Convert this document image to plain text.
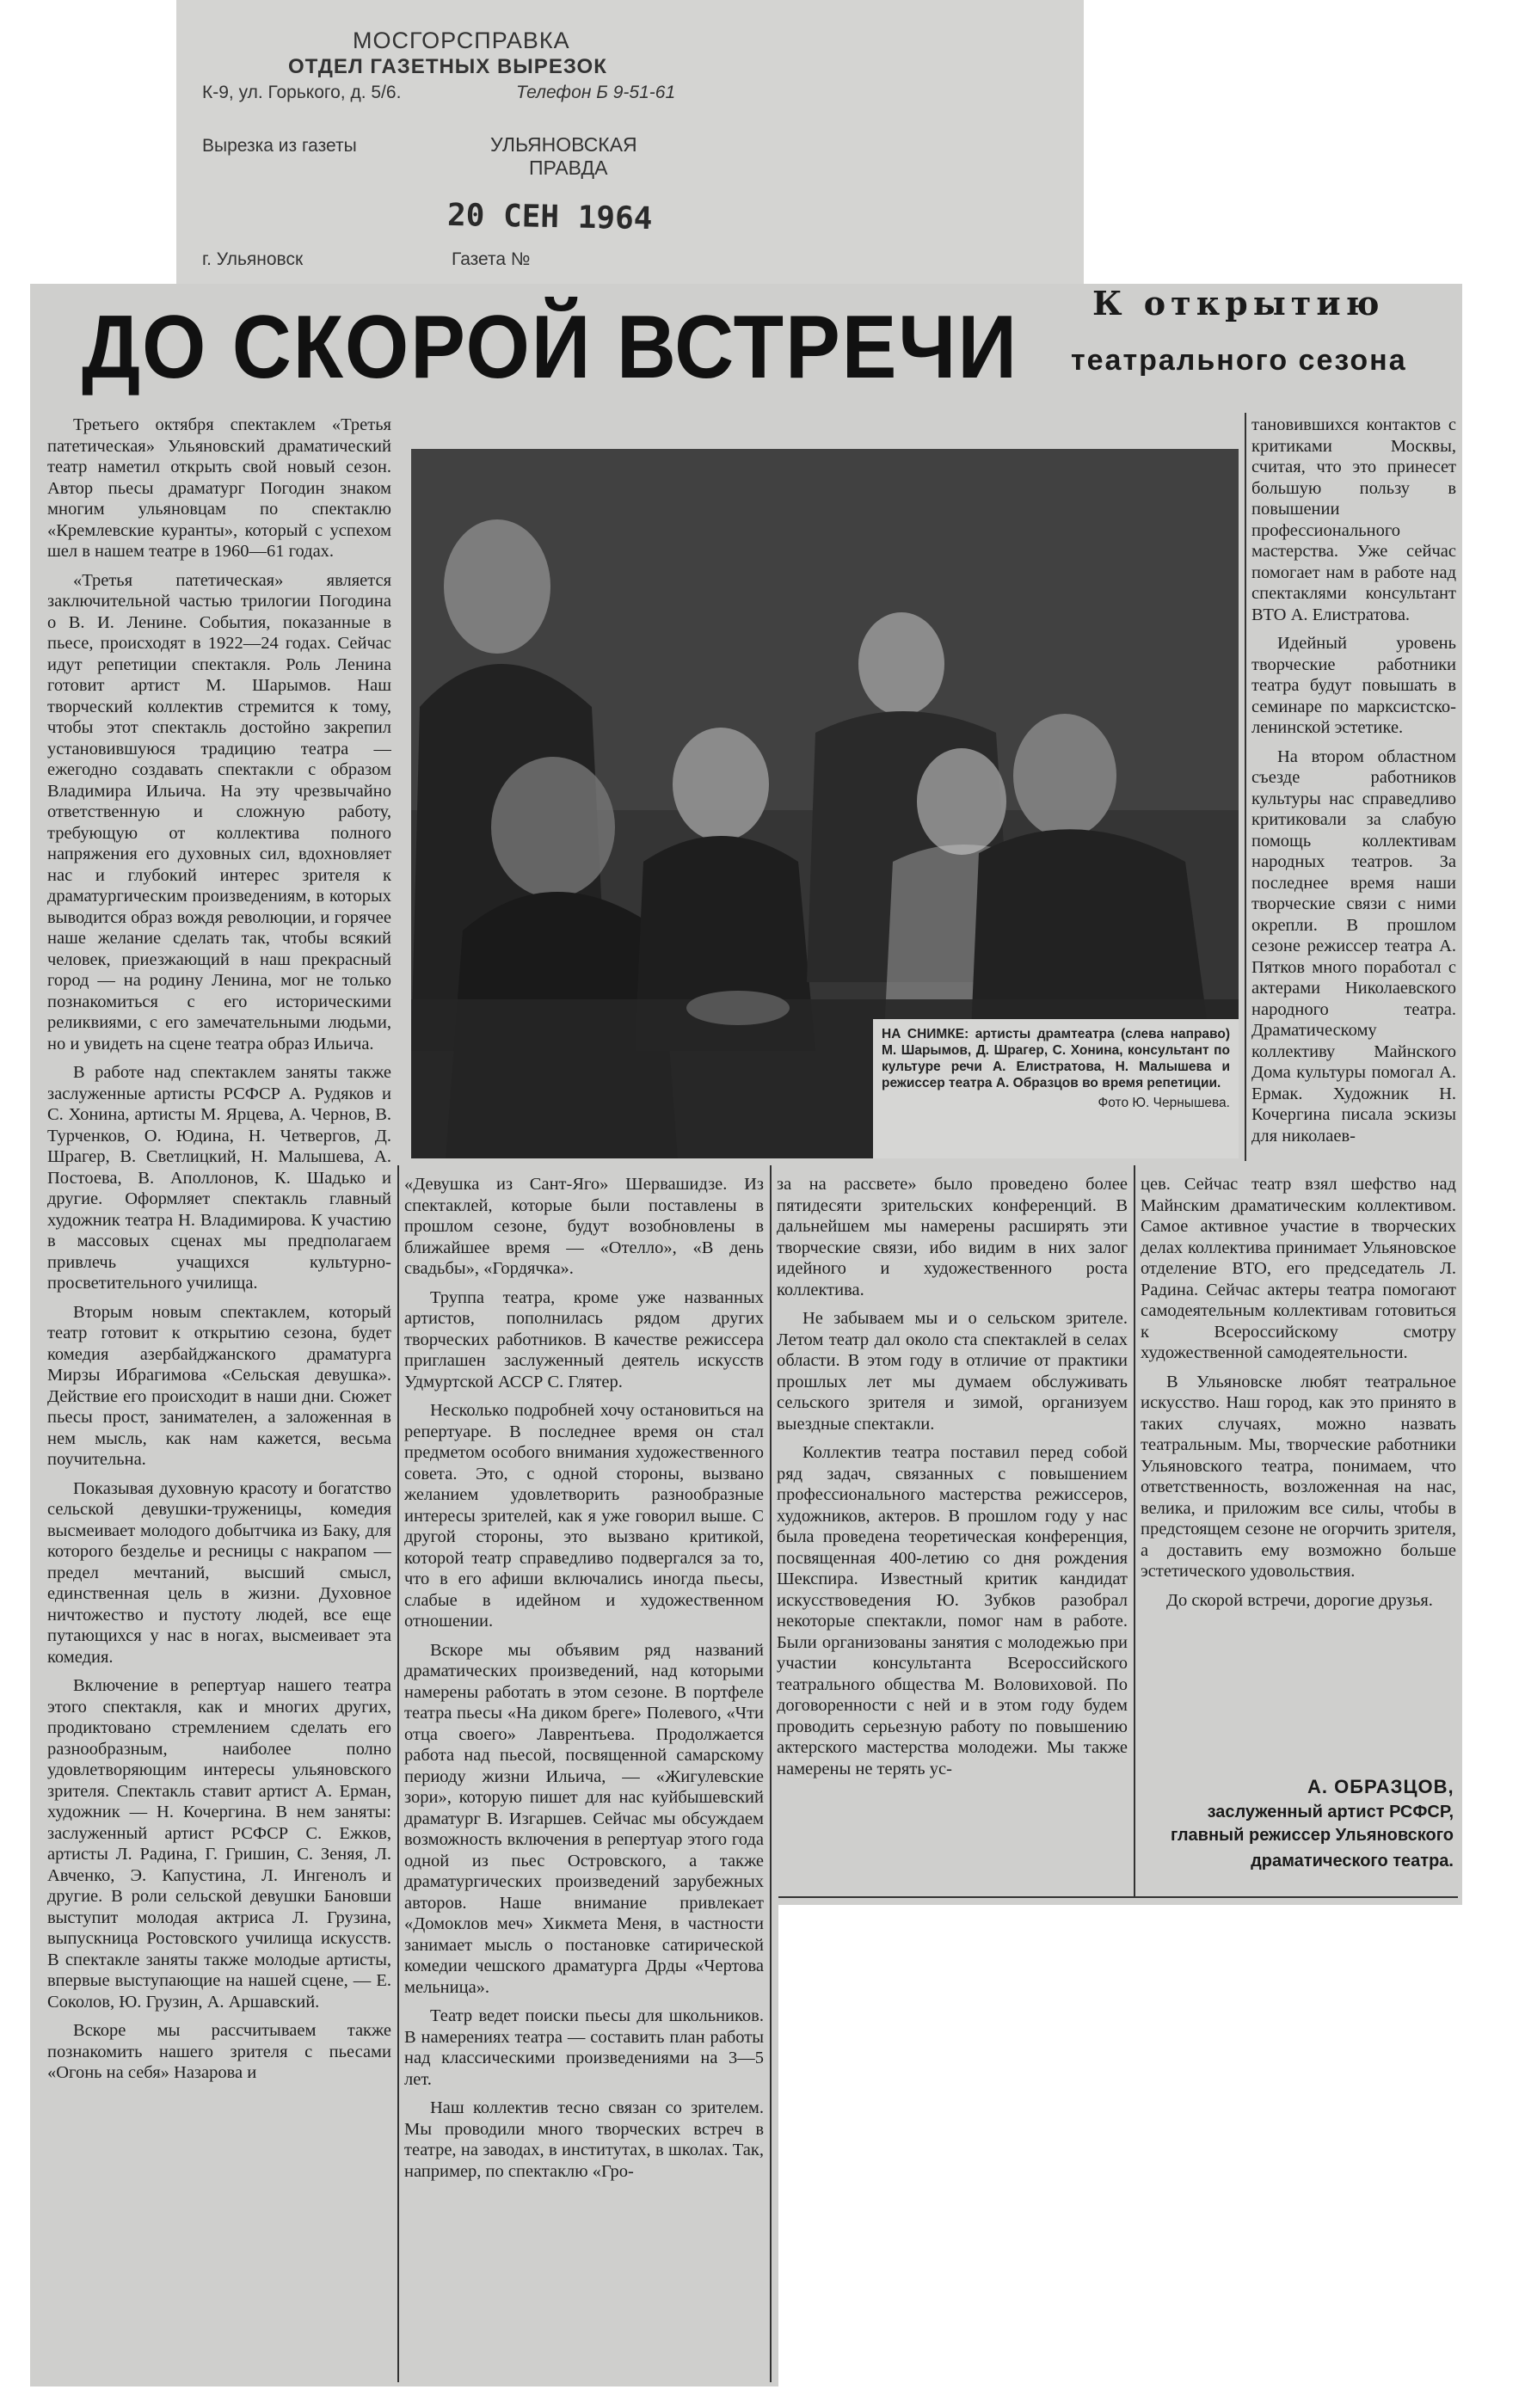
МОСГОРСПРАВКА
ОТДЕЛ ГАЗЕТНЫХ ВЫРЕЗОК
К-9, ул. Горького, д. 5/6.	Телефон Б 9-51-61
Вырезка из газеты	УЛЬЯНОВСКАЯ
ПРАВДА
20 СЕН 1964
г. Ульяновск	Газета №
ДО СКОРОЙ ВСТРЕЧИ К открытию
театрального сезона

Третьего октября спектаклем «Третья патетическая» Ульяновский драматический театр наметил открыть свой новый сезон. Автор пьесы драматург Погодин знаком многим ульяновцам по спектаклю «Кремлевские куранты», который с успехом шел в нашем театре в 1960—61 годах.

«Третья патетическая» является заключительной частью трилогии Погодина о В. И. Ленине. События, показанные в пьесе, происходят в 1922—24 годах. Сейчас идут репетиции спектакля. Роль Ленина готовит артист М. Шарымов. Наш творческий коллектив стремится к тому, чтобы этот спектакль достойно закрепил установившуюся традицию театра — ежегодно создавать спектакли с образом Владимира Ильича. На эту чрезвычайно ответственную и сложную работу, требующую от коллектива полного напряжения его духовных сил, вдохновляет нас и глубокий интерес зрителя к драматургическим произведениям, в которых выводится образ вождя революции, и горячее наше желание сделать так, чтобы всякий человек, приезжающий в наш прекрасный город — на родину Ленина, мог не только познакомиться с его историческими реликвиями, с его замечательными людьми, но и увидеть на сцене театра образ Ильича.

В работе над спектаклем заняты также заслуженные артисты РСФСР А. Рудяков и С. Хонина, артисты М. Ярцева, А. Чернов, В. Турченков, О. Юдина, Н. Четвергов, Д. Шрагер, В. Светлицкий, Н. Малышева, А. Постоева, В. Аполлонов, К. Шадько и другие. Оформляет спектакль главный художник театра Н. Владимирова. К участию в массовых сценах мы предполагаем привлечь учащихся культурно-просветительного училища.

Вторым новым спектаклем, который театр готовит к открытию сезона, будет комедия азербайджанского драматурга Мирзы Ибрагимова «Сельская девушка». Действие его происходит в наши дни. Сюжет пьесы прост, занимателен, а заложенная в нем мысль, как нам кажется, весьма поучительна.

Показывая духовную красоту и богатство сельской девушки-труженицы, комедия высмеивает молодого добытчика из Баку, для которого безделье и ресницы с накрапом — предел мечтаний, высший смысл, единственная цель в жизни. Духовное ничтожество и пустоту людей, все еще путающихся у нас в ногах, высмеивает эта комедия.

Включение в репертуар нашего театра этого спектакля, как и многих других, продиктовано стремлением сделать его разнообразным, наиболее полно удовлетворяющим интересы ульяновского зрителя. Спектакль ставит артист А. Ерман, художник — Н. Кочергина. В нем заняты: заслуженный артист РСФСР С. Ежков, артисты Л. Радина, Г. Гришин, С. Зеняя, Л. Авченко, Э. Капустина, Л. Ингенолъ и другие. В роли сельской девушки Бановши выступит молодая актриса Л. Грузина, выпускница Ростовского училища искусств. В спектакле заняты также молодые артисты, впервые выступающие на нашей сцене, — Е. Соколов, Ю. Грузин, А. Аршавский.

Вскоре мы рассчитываем также познакомить нашего зрителя с пьесами «Огонь на себя» Назарова и

НА СНИМКЕ: артисты драмтеатра (слева направо) М. Шарымов, Д. Шрагер, С. Хонина, консультант по культуре речи А. Елистратова, Н. Малышева и режиссер театра А. Образцов во время репетиции.
Фото Ю. Чернышева.

«Девушка из Сант-Яго» Шервашидзе. Из спектаклей, которые были поставлены в прошлом сезоне, будут возобновлены в ближайшее время — «Отелло», «В день свадьбы», «Гордячка».

Труппа театра, кроме уже названных артистов, пополнилась рядом других творческих работников. В качестве режиссера приглашен заслуженный деятель искусств Удмуртской АССР С. Глятер.

Несколько подробней хочу остановиться на репертуаре. В последнее время он стал предметом особого внимания художественного совета. Это, с одной стороны, вызвано желанием удовлетворить разнообразные интересы зрителей, как я уже говорил выше. С другой стороны, это вызвано критикой, которой театр справедливо подвергался за то, что в его афиши включались иногда пьесы, слабые в идейном и художественном отношении.

Вскоре мы объявим ряд названий драматических произведений, над которыми намерены работать в этом сезоне. В портфеле театра пьесы «На диком бреге» Полевого, «Чти отца своего» Лаврентьева. Продолжается работа над пьесой, посвященной самарскому периоду жизни Ильича, — «Жигулевские зори», которую пишет для нас куйбышевский драматург В. Изгаршев. Сейчас мы обсуждаем возможность включения в репертуар этого года одной из пьес Островского, а также драматургических произведений зарубежных авторов. Наше внимание привлекает «Домоклов меч» Хикмета Меня, в частности занимает мысль о постановке сатирической комедии чешского драматурга Дрды «Чертова мельница».

Театр ведет поиски пьесы для школьников. В намерениях театра — составить план работы над классическими произведениями на 3—5 лет.

Наш коллектив тесно связан со зрителем. Мы проводили много творческих встреч в театре, на заводах, в институтах, в школах. Так, например, по спектаклю «Гро-

за на рассвете» было проведено более пятидесяти зрительских конференций. В дальнейшем мы намерены расширять эти творческие связи, ибо видим в них залог идейного и художественного роста коллектива.

Не забываем мы и о сельском зрителе. Летом театр дал около ста спектаклей в селах области. В этом году в отличие от практики прошлых лет мы думаем обслуживать сельского зрителя и зимой, организуем выездные спектакли.

Коллектив театра поставил перед собой ряд задач, связанных с повышением профессионального мастерства режиссеров, художников, актеров. В прошлом году у нас была проведена теоретическая конференция, посвященная 400-летию со дня рождения Шекспира. Известный критик кандидат искусствоведения Ю. Зубков разобрал некоторые спектакли, помог нам в работе. Были организованы занятия с молодежью при участии консультанта Всероссийского театрального общества М. Воловиховой. По договоренности с ней и в этом году будем проводить серьезную работу по повышению актерского мастерства молодежи. Мы также намерены не терять ус-

тановившихся контактов с критиками Москвы, считая, что это принесет большую пользу в повышении профессионального мастерства. Уже сейчас помогает нам в работе над спектаклями консультант ВТО А. Елистратова.

Идейный уровень творческие работники театра будут повышать в семинаре по марксистско-ленинской эстетике.

На втором областном съезде работников культуры нас справедливо критиковали за слабую помощь коллективам народных театров. За последнее время наши творческие связи с ними окрепли. В прошлом сезоне режиссер театра А. Пятков много поработал с актерами Николаевского народного театра. Драматическому коллективу Майнского Дома культуры помогал А. Ермак. Художник Н. Кочергина писала эскизы для николаев-

цев. Сейчас театр взял шефство над Майнским драматическим коллективом. Самое активное участие в творческих делах коллектива принимает Ульяновское отделение ВТО, его председатель Л. Радина. Сейчас актеры театра помогают самодеятельным коллективам готовиться к Всероссийскому смотру художественной самодеятельности.

В Ульяновске любят театральное искусство. Наш город, как это принято в таких случаях, можно назвать театральным. Мы, творческие работники Ульяновского театра, понимаем, что ответственность, возложенная на нас, велика, и приложим все силы, чтобы в предстоящем сезоне не огорчить зрителя, а доставить ему возможно больше эстетического удовольствия.

До скорой встречи, дорогие друзья.

А. ОБРАЗЦОВ,
заслуженный артист РСФСР,
главный режиссер Ульяновского
драматического театра.
